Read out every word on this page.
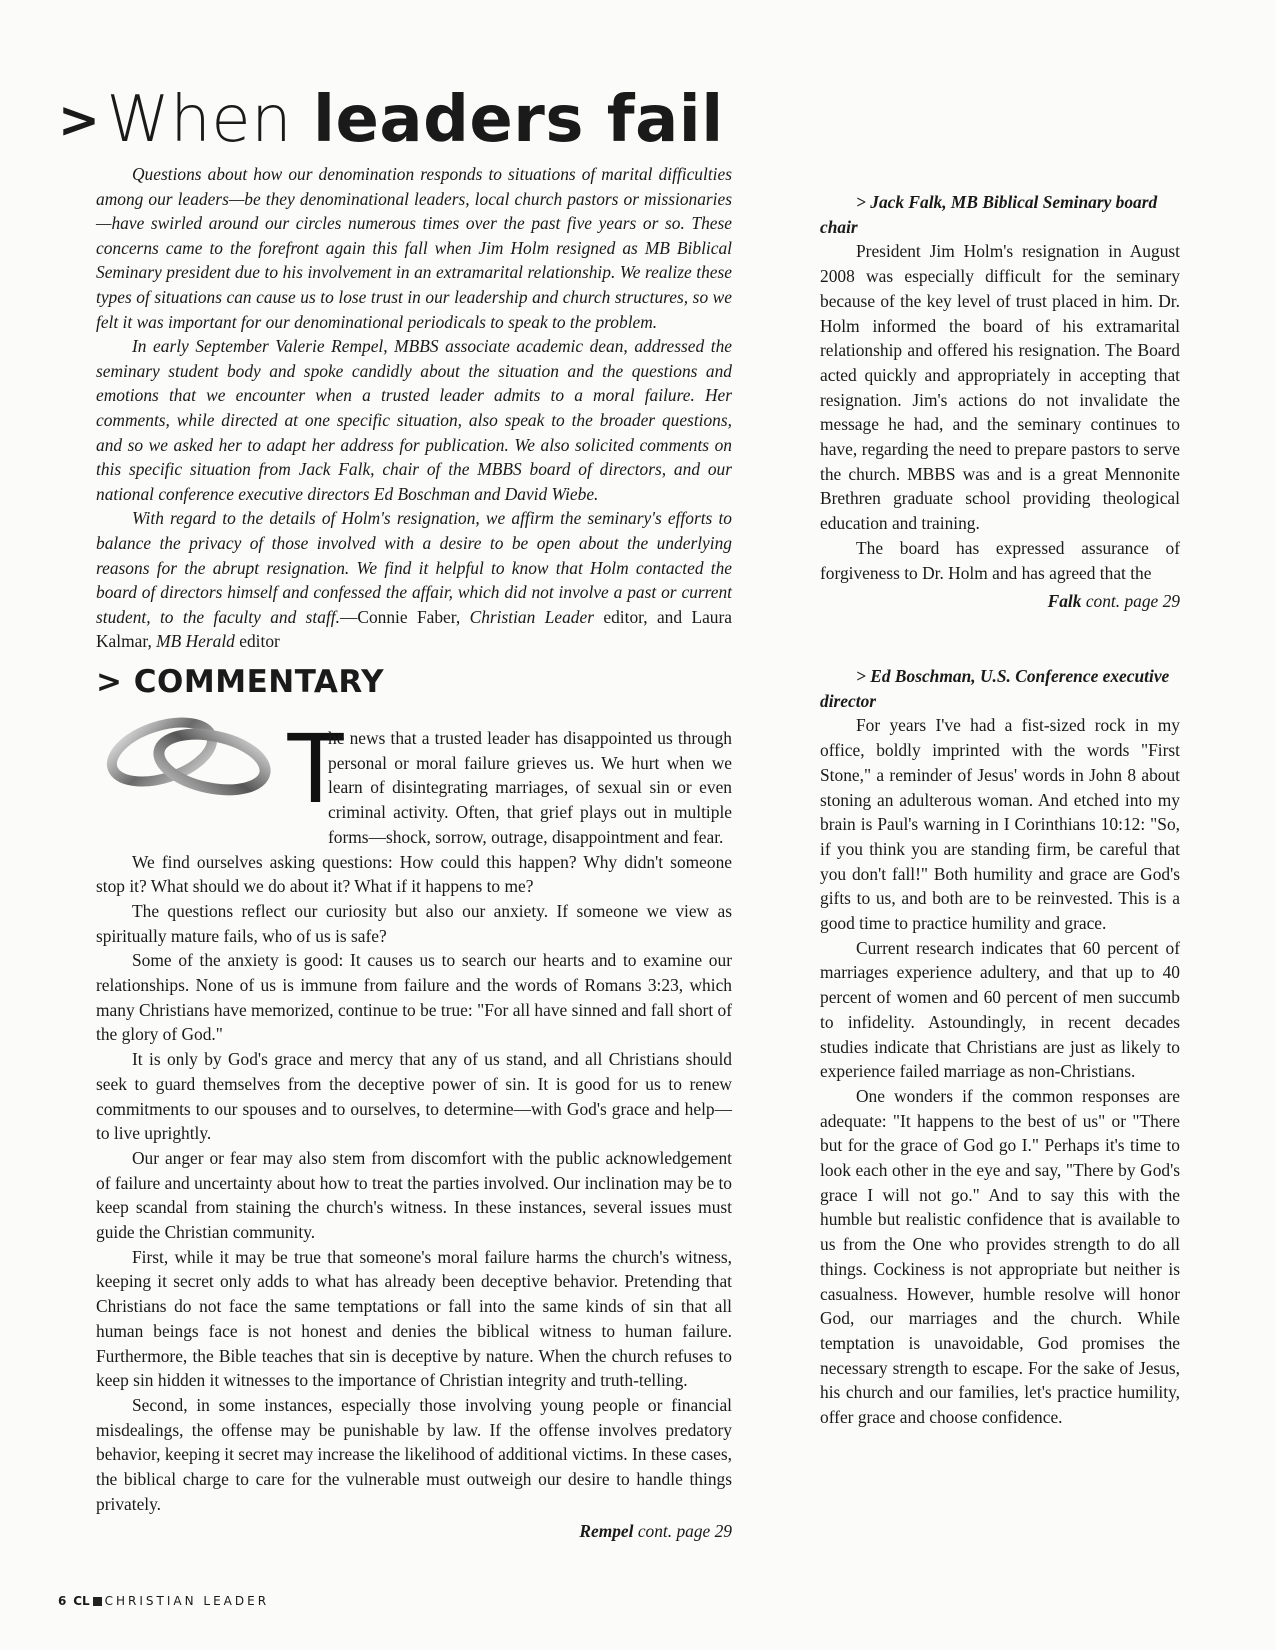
>When leaders fail

Questions about how our denomination responds to situations of marital difficulties among our leaders—be they denominational leaders, local church pastors or missionaries—have swirled around our circles numerous times over the past five years or so. These concerns came to the forefront again this fall when Jim Holm resigned as MB Biblical Seminary president due to his involvement in an extramarital relationship. We realize these types of situations can cause us to lose trust in our leadership and church structures, so we felt it was important for our denominational periodicals to speak to the problem.

In early September Valerie Rempel, MBBS associate academic dean, addressed the seminary student body and spoke candidly about the situation and the questions and emotions that we encounter when a trusted leader admits to a moral failure. Her comments, while directed at one specific situation, also speak to the broader questions, and so we asked her to adapt her address for publication. We also solicited comments on this specific situation from Jack Falk, chair of the MBBS board of directors, and our national conference executive directors Ed Boschman and David Wiebe.

With regard to the details of Holm's resignation, we affirm the seminary's efforts to balance the privacy of those involved with a desire to be open about the underlying reasons for the abrupt resignation. We find it helpful to know that Holm contacted the board of directors himself and confessed the affair, which did not involve a past or current student, to the faculty and staff.—Connie Faber, Christian Leader editor, and Laura Kalmar, MB Herald editor

> COMMENTARY
T

he news that a trusted leader has disappointed us through personal or moral failure grieves us. We hurt when we learn of disintegrating marriages, of sexual sin or even criminal activity. Often, that grief plays out in multiple forms—shock, sorrow, outrage, disappointment and fear.

We find ourselves asking questions: How could this happen? Why didn't someone stop it? What should we do about it? What if it happens to me?

The questions reflect our curiosity but also our anxiety. If someone we view as spiritually mature fails, who of us is safe?

Some of the anxiety is good: It causes us to search our hearts and to examine our relationships. None of us is immune from failure and the words of Romans 3:23, which many Christians have memorized, continue to be true: "For all have sinned and fall short of the glory of God."

It is only by God's grace and mercy that any of us stand, and all Christians should seek to guard themselves from the deceptive power of sin. It is good for us to renew commitments to our spouses and to ourselves, to determine—with God's grace and help—to live uprightly.

Our anger or fear may also stem from discomfort with the public acknowledgement of failure and uncertainty about how to treat the parties involved. Our inclination may be to keep scandal from staining the church's witness. In these instances, several issues must guide the Christian community.

First, while it may be true that someone's moral failure harms the church's witness, keeping it secret only adds to what has already been deceptive behavior. Pretending that Christians do not face the same temptations or fall into the same kinds of sin that all human beings face is not honest and denies the biblical witness to human failure. Furthermore, the Bible teaches that sin is deceptive by nature. When the church refuses to keep sin hidden it witnesses to the importance of Christian integrity and truth-telling.

Second, in some instances, especially those involving young people or financial misdealings, the offense may be punishable by law. If the offense involves predatory behavior, keeping it secret may increase the likelihood of additional victims. In these cases, the biblical charge to care for the vulnerable must outweigh our desire to handle things privately.

Rempel cont. page 29

> Jack Falk, MB Biblical Seminary board chair

President Jim Holm's resignation in August 2008 was especially difficult for the seminary because of the key level of trust placed in him. Dr. Holm informed the board of his extramarital relationship and offered his resignation. The Board acted quickly and appropriately in accepting that resignation. Jim's actions do not invalidate the message he had, and the seminary continues to have, regarding the need to prepare pastors to serve the church. MBBS was and is a great Mennonite Brethren graduate school providing theological education and training.

The board has expressed assurance of forgiveness to Dr. Holm and has agreed that the

Falk cont. page 29

> Ed Boschman, U.S. Conference executive director

For years I've had a fist-sized rock in my office, boldly imprinted with the words "First Stone," a reminder of Jesus' words in John 8 about stoning an adulterous woman. And etched into my brain is Paul's warning in I Corinthians 10:12: "So, if you think you are standing firm, be careful that you don't fall!" Both humility and grace are God's gifts to us, and both are to be reinvested. This is a good time to practice humility and grace.

Current research indicates that 60 percent of marriages experience adultery, and that up to 40 percent of women and 60 percent of men succumb to infidelity. Astoundingly, in recent decades studies indicate that Christians are just as likely to experience failed marriage as non-Christians.

One wonders if the common responses are adequate: "It happens to the best of us" or "There but for the grace of God go I." Perhaps it's time to look each other in the eye and say, "There by God's grace I will not go." And to say this with the humble but realistic confidence that is available to us from the One who provides strength to do all things. Cockiness is not appropriate but neither is casualness. However, humble resolve will honor God, our marriages and the church. While temptation is unavoidable, God promises the necessary strength to escape. For the sake of Jesus, his church and our families, let's practice humility, offer grace and choose confidence.

6 CL CHRISTIAN LEADER
